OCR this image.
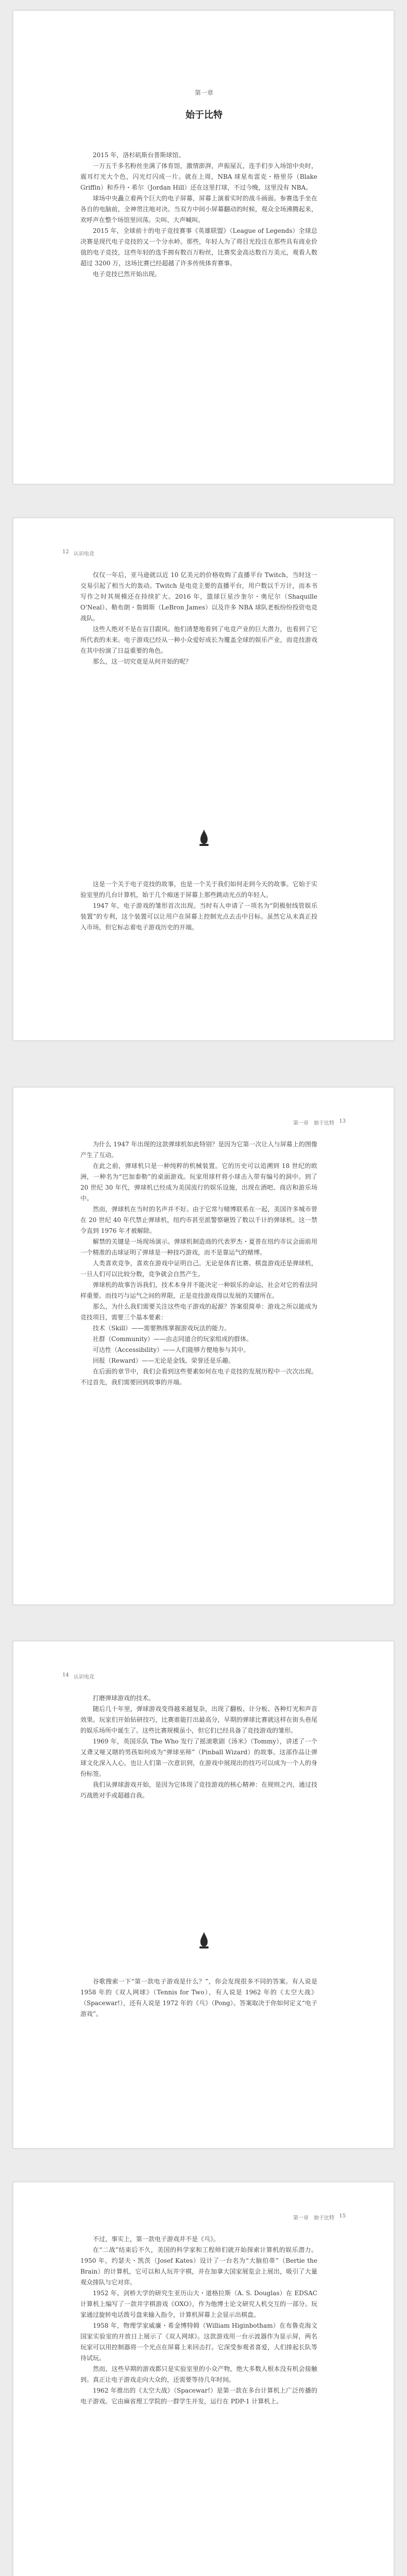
第一章
始于比特

2015 年，洛杉矶斯台普斯球馆。

一万五千多名粉丝坐满了体育馆，激情澎湃，声振屋瓦，连手们步入场馆中央时，震耳灯光大个色，闪光灯闪成一片。就在上周，NBA 球星布雷克・格里芬（Blake Griffin）和乔丹・希尔（Jordan Hill）还在这里打球，不过今晚，这里没有 NBA。

球场中央矗立着两个巨大的电子屏幕，屏幕上演着实时的战斗画面。参赛选手坐在各自的电脑前，全神贯注地对决。当双方中间小屏幕翻动的时候，观众全场沸腾起来，欢呼声在整个场馆里回荡。尖叫、大声喊叫。

2015 年，全球前十的电子竞技赛事《英雄联盟》（League of Legends）全球总决赛是现代电子竞技的又一个分水岭。那些，年轻人为了将目光投注在那些具有商业价值的电子竞技，这些年轻的选手拥有数百万粉丝，比赛奖金高达数百万美元，观看人数超过 3200 万，这场比赛已经超越了许多传统体育赛事。

电子竞技已然开始出现。

12 认识电竞

仅仅一年后，亚马逊就以近 10 亿美元的价格收购了直播平台 Twitch，当时这一交易引起了相当大的轰动。Twitch 是电竞主要的直播平台，用户数以千万计，而本书写作之时其规模还在持续扩大。2016 年，篮球巨星沙奎尔・奥尼尔（Shaquille O'Neal）、勒布朗・詹姆斯（LeBron James）以及许多 NBA 球队老板纷纷投资电竞战队。

这些人绝对不是在盲目跟风。他们清楚地看到了电竞产业的巨大潜力，也看到了它所代表的未来。电子游戏已经从一种小众爱好成长为覆盖全球的娱乐产业，而竞技游戏在其中扮演了日益重要的角色。

那么，这一切究竟是从何开始的呢？

这是一个关于电子竞技的故事，也是一个关于我们如何走到今天的故事。它始于实验室里的几台计算机，始于几个痴迷于屏幕上那些跳动光点的年轻人。

1947 年，电子游戏的雏形首次出现。当时有人申请了一项名为“阴极射线管娱乐装置”的专利，这个装置可以让用户在屏幕上控制光点去击中目标。虽然它从未真正投入市场，但它标志着电子游戏历史的开端。

第一章　始于比特 13

为什么 1947 年出现的这款弹球机如此特别？是因为它第一次让人与屏幕上的图像产生了互动。

在此之前，弹球机只是一种纯粹的机械装置。它的历史可以追溯到 18 世纪的欧洲，一种名为“巴加泰勒”的桌面游戏。玩家用球杆将小球击入带有编号的洞中。到了 20 世纪 30 年代，弹球机已经成为美国流行的娱乐设施，出现在酒吧、商店和游乐场中。

然而，弹球机在当时的名声并不好。由于它常与赌博联系在一起，美国许多城市曾在 20 世纪 40 年代禁止弹球机，纽约市甚至派警察砸毁了数以千计的弹球机。这一禁令直到 1976 年才被解除。

解禁的关键是一场现场演示。弹球机制造商的代表罗杰・夏普在纽约市议会面前用一个精准的击球证明了弹球是一种技巧游戏，而不是靠运气的赌博。

人类喜欢竞争，喜欢在游戏中证明自己。无论是体育比赛、棋盘游戏还是弹球机，一旦人们可以比较分数，竞争就会自然产生。

弹球机的故事告诉我们，技术本身并不能决定一种娱乐的命运，社会对它的看法同样重要。而技巧与运气之间的界限，正是竞技游戏得以发展的关键所在。

那么，为什么我们需要关注这些电子游戏的起源？答案很简单：游戏之所以能成为竞技项目，需要三个基本要素：

技术（Skill）——需要熟练掌握游戏玩法的能力。

社群（Community）——由志同道合的玩家组成的群体。

可达性（Accessibility）——人们能够方便地参与其中。

回报（Reward）——无论是金钱、荣誉还是乐趣。

在后面的章节中，我们会看到这些要素如何在电子竞技的发展历程中一次次出现。不过首先，我们需要回到故事的开端。

14 认识电竞

打磨弹球游戏的技术。

随后几十年里，弹球游戏变得越来越复杂，出现了翻板、计分板、各种灯光和声音效果。玩家们开始钻研技巧，比赛谁能打出最高分，早期的弹球比赛就这样在街头巷尾的娱乐场所中诞生了。这些比赛规模虽小，但它们已经具备了竞技游戏的雏形。

1969 年，英国乐队 The Who 发行了摇滚歌剧《汤米》（Tommy），讲述了一个又聋又哑又瞎的男孩如何成为“弹球巫师”（Pinball Wizard）的故事。这部作品让弹球文化深入人心，也让人们第一次意识到，在游戏中展现出的技巧可以成为一个人的身份标签。

我们从弹球游戏开始，是因为它体现了竞技游戏的核心精神：在规则之内，通过技巧战胜对手或超越自我。

谷歌搜索一下“第一款电子游戏是什么？”，你会发现很多不同的答案。有人说是 1958 年的《双人网球》（Tennis for Two），有人说是 1962 年的《太空大战》（Spacewar!），还有人说是 1972 年的《乓》（Pong）。答案取决于你如何定义“电子游戏”。

第一章　始于比特 15

不过，事实上，第一款电子游戏并不是《乓》。

在“二战”结束后不久，美国的科学家和工程师们就开始探索计算机的娱乐潜力。1950 年，约瑟夫・凯茨（Josef Kates）设计了一台名为“大脑伯蒂”（Bertie the Brain）的计算机，它可以和人玩井字棋，并在加拿大国家展览会上展出，吸引了大量观众排队与它对弈。

1952 年，剑桥大学的研究生亚历山大・道格拉斯（A. S. Douglas）在 EDSAC 计算机上编写了一款井字棋游戏《OXO》，作为他博士论文研究人机交互的一部分。玩家通过旋转电话拨号盘来输入指令，计算机屏幕上会显示出棋盘。

1958 年，物理学家威廉・希金博特姆（William Higinbotham）在布鲁克海文国家实验室的开放日上展示了《双人网球》。这款游戏用一台示波器作为显示屏，两名玩家可以用控制器将一个光点在屏幕上来回击打。它深受参观者喜爱，人们排起长队等待试玩。

然而，这些早期的游戏都只是实验室里的小众产物，绝大多数人根本没有机会接触到。真正让电子游戏走向大众的，还需要等待几年时间。

1962 年推出的《太空大战》（Spacewar!）是第一款在多台计算机上广泛传播的电子游戏。它由麻省理工学院的一群学生开发，运行在 PDP-1 计算机上。
